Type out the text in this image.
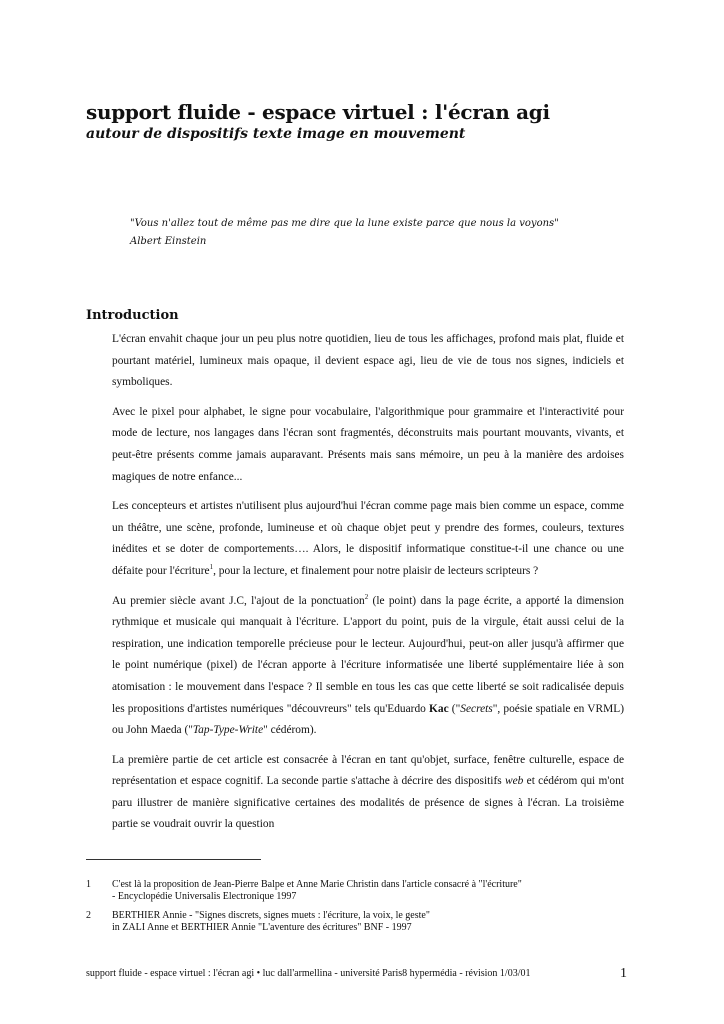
support fluide - espace virtuel : l'écran agi
autour de dispositifs texte image en mouvement

"Vous n'allez tout de même pas me dire que la lune existe parce que nous la voyons"

Albert Einstein

Introduction

L'écran envahit chaque jour un peu plus notre quotidien, lieu de tous les affichages, profond mais plat, fluide et pourtant matériel, lumineux mais opaque, il devient espace agi, lieu de vie de tous nos signes, indiciels et symboliques.

Avec le pixel pour alphabet, le signe pour vocabulaire, l'algorithmique pour grammaire et l'interactivité pour mode de lecture, nos langages dans l'écran sont fragmentés, déconstruits mais pourtant mouvants, vivants, et peut-être présents comme jamais auparavant. Présents mais sans mémoire, un peu à la manière des ardoises magiques de notre enfance...

Les concepteurs et artistes n'utilisent plus aujourd'hui l'écran comme page mais bien comme un espace, comme un théâtre, une scène, profonde, lumineuse et où chaque objet peut y prendre des formes, couleurs, textures inédites et se doter de comportements…. Alors, le dispositif informatique constitue-t-il une chance ou une défaite pour l'écriture$^1$, pour la lecture, et finalement pour notre plaisir de lecteurs scripteurs ?

Au premier siècle avant J.C, l'ajout de la ponctuation$^2$ (le point) dans la page écrite, a apporté la dimension rythmique et musicale qui manquait à l'écriture. L'apport du point, puis de la virgule, était aussi celui de la respiration, une indication temporelle précieuse pour le lecteur. Aujourd'hui, peut-on aller jusqu'à affirmer que le point numérique (pixel) de l'écran apporte à l'écriture informatisée une liberté supplémentaire liée à son atomisation : le mouvement dans l'espace ? Il semble en tous les cas que cette liberté se soit radicalisée depuis les propositions d'artistes numériques "découvreurs" tels qu'Eduardo Kac ("Secrets", poésie spatiale en VRML) ou John Maeda ("Tap-Type-Write" cédérom).

La première partie de cet article est consacrée à l'écran en tant qu'objet, surface, fenêtre culturelle, espace de représentation et espace cognitif. La seconde partie s'attache à décrire des dispositifs web et cédérom qui m'ont paru illustrer de manière significative certaines des modalités de présence de signes à l'écran. La troisième partie se voudrait ouvrir la question

1	C'est là la proposition de Jean-Pierre Balpe et Anne Marie Christin dans l'article consacré à "l'écriture"

- Encyclopédie Universalis Electronique 1997

2	BERTHIER Annie - "Signes discrets, signes muets : l'écriture, la voix, le geste"

in ZALI Anne et BERTHIER Annie "L'aventure des écritures" BNF - 1997

support fluide - espace virtuel : l'écran agi • luc dall'armellina - université Paris8 hypermédia - révision 1/03/01	1
